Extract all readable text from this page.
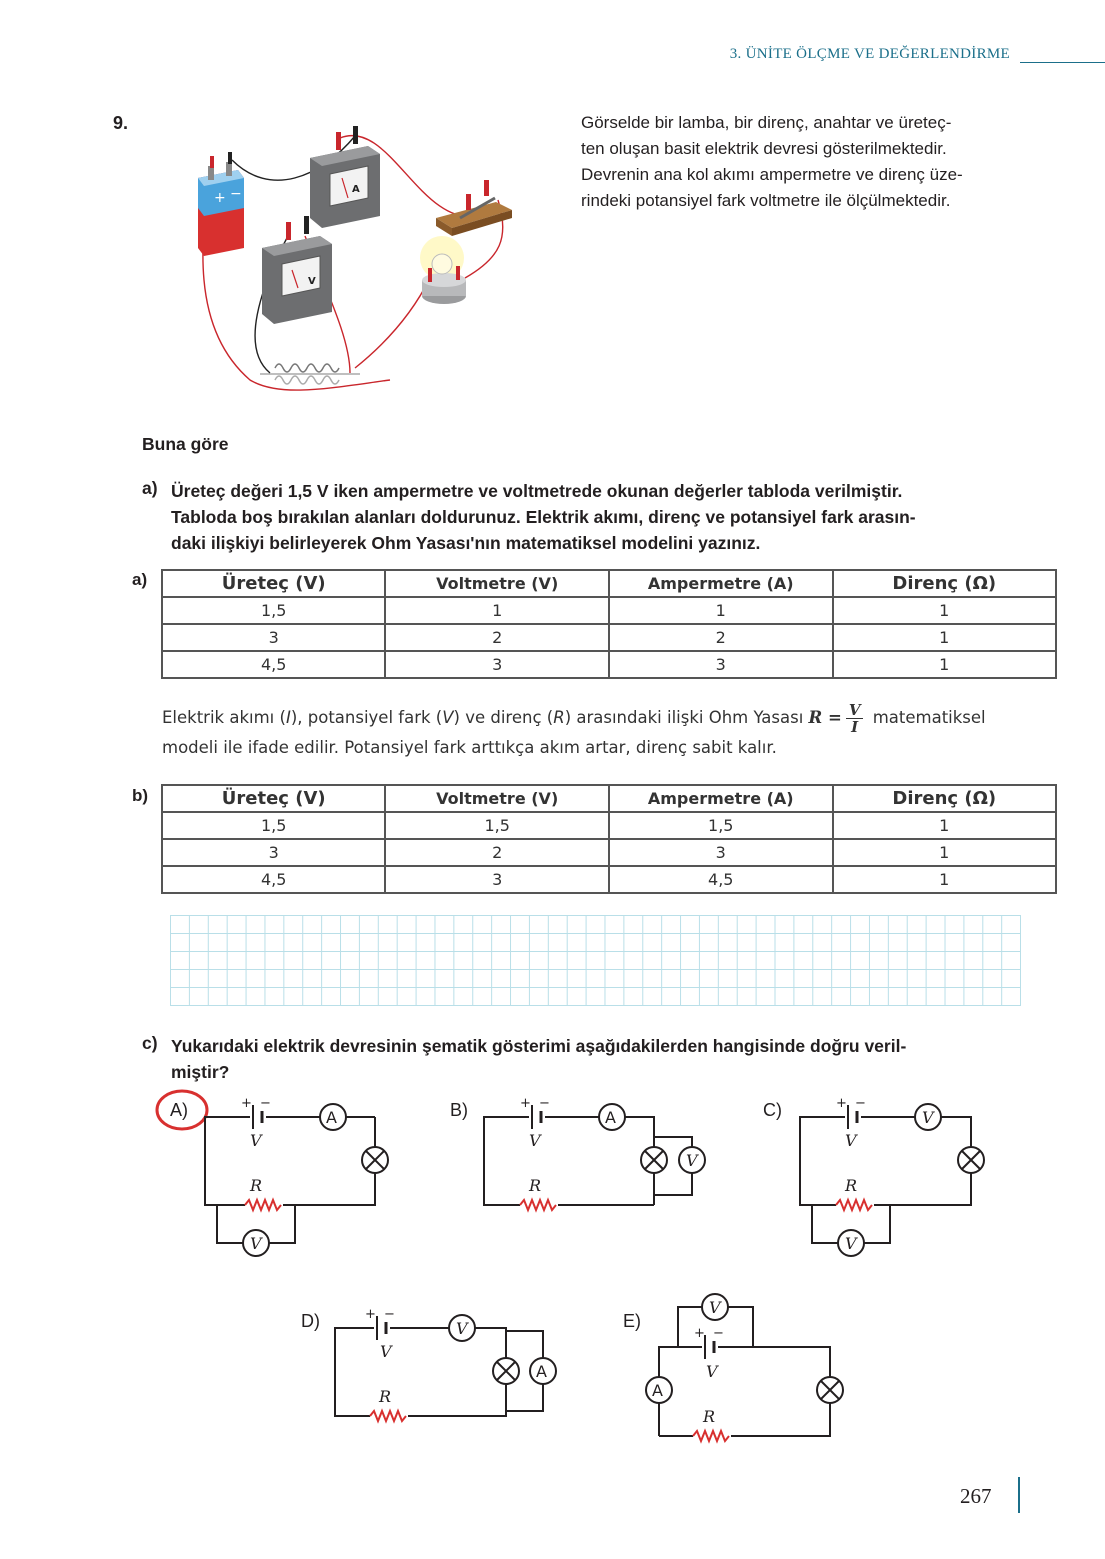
3. ÜNİTE ÖLÇME VE DEĞERLENDİRME
9.
+ −	A
V
Görselde bir lamba, bir direnç, anahtar ve üreteç-
ten oluşan basit elektrik devresi gösterilmektedir.
Devrenin ana kol akımı ampermetre ve direnç üze-
rindeki potansiyel fark voltmetre ile ölçülmektedir.
Buna göre
a) Üreteç değeri 1,5 V iken ampermetre ve voltmetrede okunan değerler tabloda verilmiştir.
Tabloda boş bırakılan alanları doldurunuz. Elektrik akımı, direnç ve potansiyel fark arasın-
daki ilişkiyi belirleyerek Ohm Yasası'nın matematiksel modelini yazınız.
a)	Üreteç (V)	Voltmetre (V)	Ampermetre (A)	Direnç (Ω)
1,5	1	1	1
3	2	2	1
4,5	3	3	1
Elektrik akımı (I), potansiyel fark (V) ve direnç (R) arasındaki ilişki Ohm Yasası $R = \frac{V}{I}$ matematiksel
modeli ile ifade edilir. Potansiyel fark arttıkça akım artar, direnç sabit kalır.
b)	Üreteç (V)	Voltmetre (V)	Ampermetre (A)	Direnç (Ω)
1,5	1,5	1,5	1
3	2	3	1
4,5	3	4,5	1
c) Yukarıdaki elektrik devresinin şematik gösterimi aşağıdakilerden hangisinde doğru veril-
miştir?
A)	+ −
V
A
R
V
B)	+ −
V
A
V
R
C)	+ −
V
V
R
V
D)	+ −
V
V
A
R
E)
+ −
V
V
A
R
267
